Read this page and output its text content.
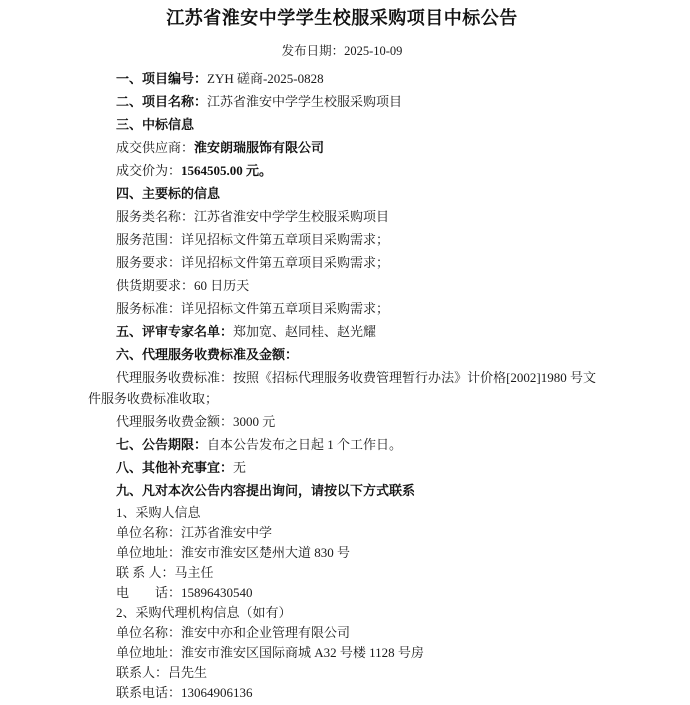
江苏省淮安中学学生校服采购项目中标公告
发布日期：2025-10-09

一、项目编号：ZYH 磋商-2025-0828

二、项目名称：江苏省淮安中学学生校服采购项目

三、中标信息

成交供应商：淮安朗瑞服饰有限公司

成交价为：1564505.00 元。

四、主要标的信息

服务类名称：江苏省淮安中学学生校服采购项目

服务范围：详见招标文件第五章项目采购需求；

服务要求：详见招标文件第五章项目采购需求；

供货期要求：60 日历天

服务标准：详见招标文件第五章项目采购需求；

五、评审专家名单：郑加宽、赵同桂、赵光耀

六、代理服务收费标准及金额：

代理服务收费标准：按照《招标代理服务收费管理暂行办法》计价格[2002]1980 号文件服务收费标准收取；

代理服务收费金额：3000 元

七、公告期限：自本公告发布之日起 1 个工作日。

八、其他补充事宜：无

九、凡对本次公告内容提出询问，请按以下方式联系

1、采购人信息

单位名称：江苏省淮安中学

单位地址：淮安市淮安区楚州大道 830 号

联 系 人：马主任

电　　话：15896430540

2、采购代理机构信息（如有）

单位名称：淮安中亦和企业管理有限公司

单位地址：淮安市淮安区国际商城 A32 号楼 1128 号房

联系人：吕先生

联系电话：13064906136
